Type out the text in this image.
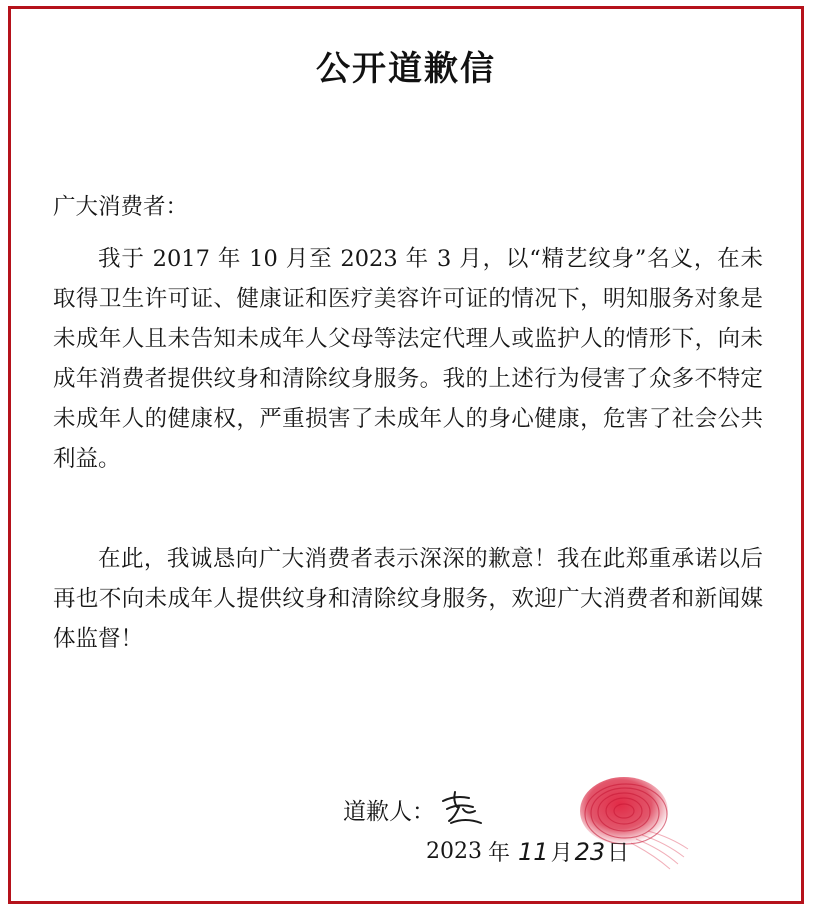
公开道歉信
广大消费者：

我于 2017 年 10 月至 2023 年 3 月，以“精艺纹身”名义，在未取得卫生许可证、健康证和医疗美容许可证的情况下，明知服务对象是未成年人且未告知未成年人父母等法定代理人或监护人的情形下，向未成年消费者提供纹身和清除纹身服务。我的上述行为侵害了众多不特定未成年人的健康权，严重损害了未成年人的身心健康，危害了社会公共利益。

在此，我诚恳向广大消费者表示深深的歉意！我在此郑重承诺以后再也不向未成年人提供纹身和清除纹身服务，欢迎广大消费者和新闻媒体监督！

道歉人：
2023 年 11 月 23 日
